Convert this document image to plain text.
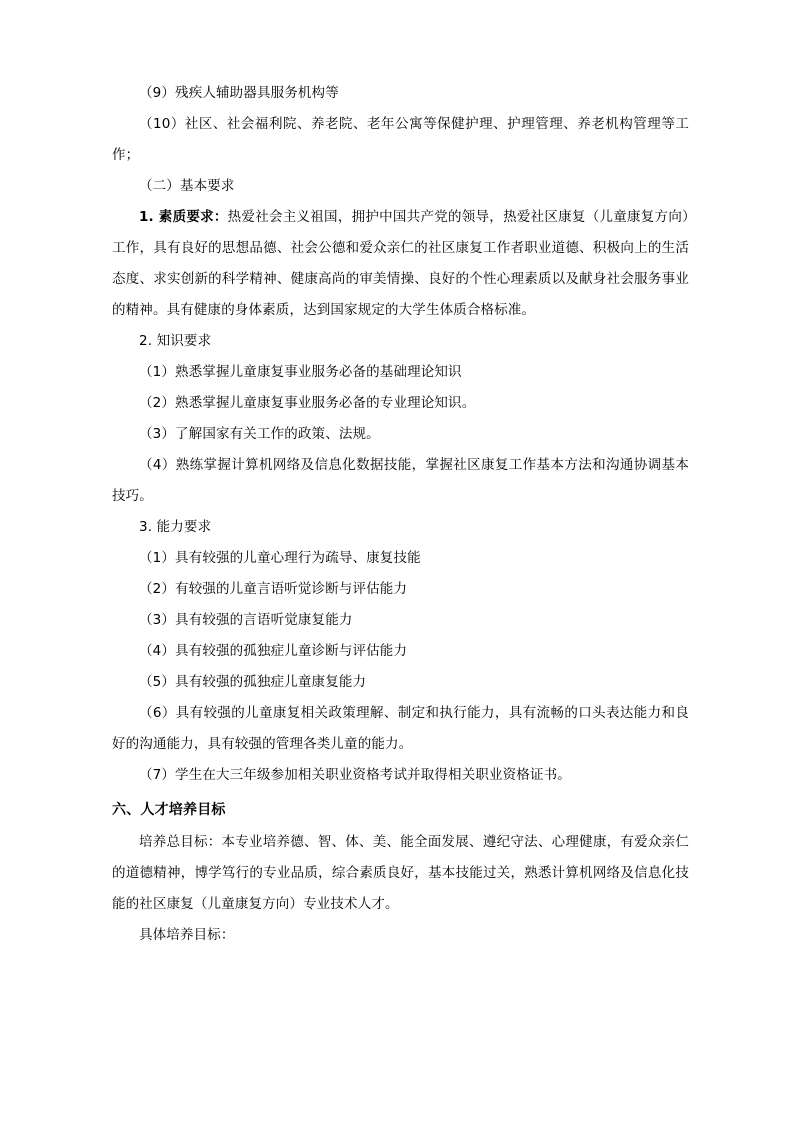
（9）残疾人辅助器具服务机构等

（10）社区、社会福利院、养老院、老年公寓等保健护理、护理管理、养老机构管理等工作；

（二）基本要求

1. 素质要求：热爱社会主义祖国，拥护中国共产党的领导，热爱社区康复（儿童康复方向）工作，具有良好的思想品德、社会公德和爱众亲仁的社区康复工作者职业道德、积极向上的生活态度、求实创新的科学精神、健康高尚的审美情操、良好的个性心理素质以及献身社会服务事业的精神。具有健康的身体素质，达到国家规定的大学生体质合格标准。

2. 知识要求

（1）熟悉掌握儿童康复事业服务必备的基础理论知识

（2）熟悉掌握儿童康复事业服务必备的专业理论知识。

（3）了解国家有关工作的政策、法规。

（4）熟练掌握计算机网络及信息化数据技能，掌握社区康复工作基本方法和沟通协调基本技巧。

3. 能力要求

（1）具有较强的儿童心理行为疏导、康复技能

（2）有较强的儿童言语听觉诊断与评估能力

（3）具有较强的言语听觉康复能力

（4）具有较强的孤独症儿童诊断与评估能力

（5）具有较强的孤独症儿童康复能力

（6）具有较强的儿童康复相关政策理解、制定和执行能力，具有流畅的口头表达能力和良好的沟通能力，具有较强的管理各类儿童的能力。

（7）学生在大三年级参加相关职业资格考试并取得相关职业资格证书。

六、人才培养目标

培养总目标：本专业培养德、智、体、美、能全面发展、遵纪守法、心理健康，有爱众亲仁的道德精神，博学笃行的专业品质，综合素质良好，基本技能过关，熟悉计算机网络及信息化技能的社区康复（儿童康复方向）专业技术人才。

具体培养目标：
